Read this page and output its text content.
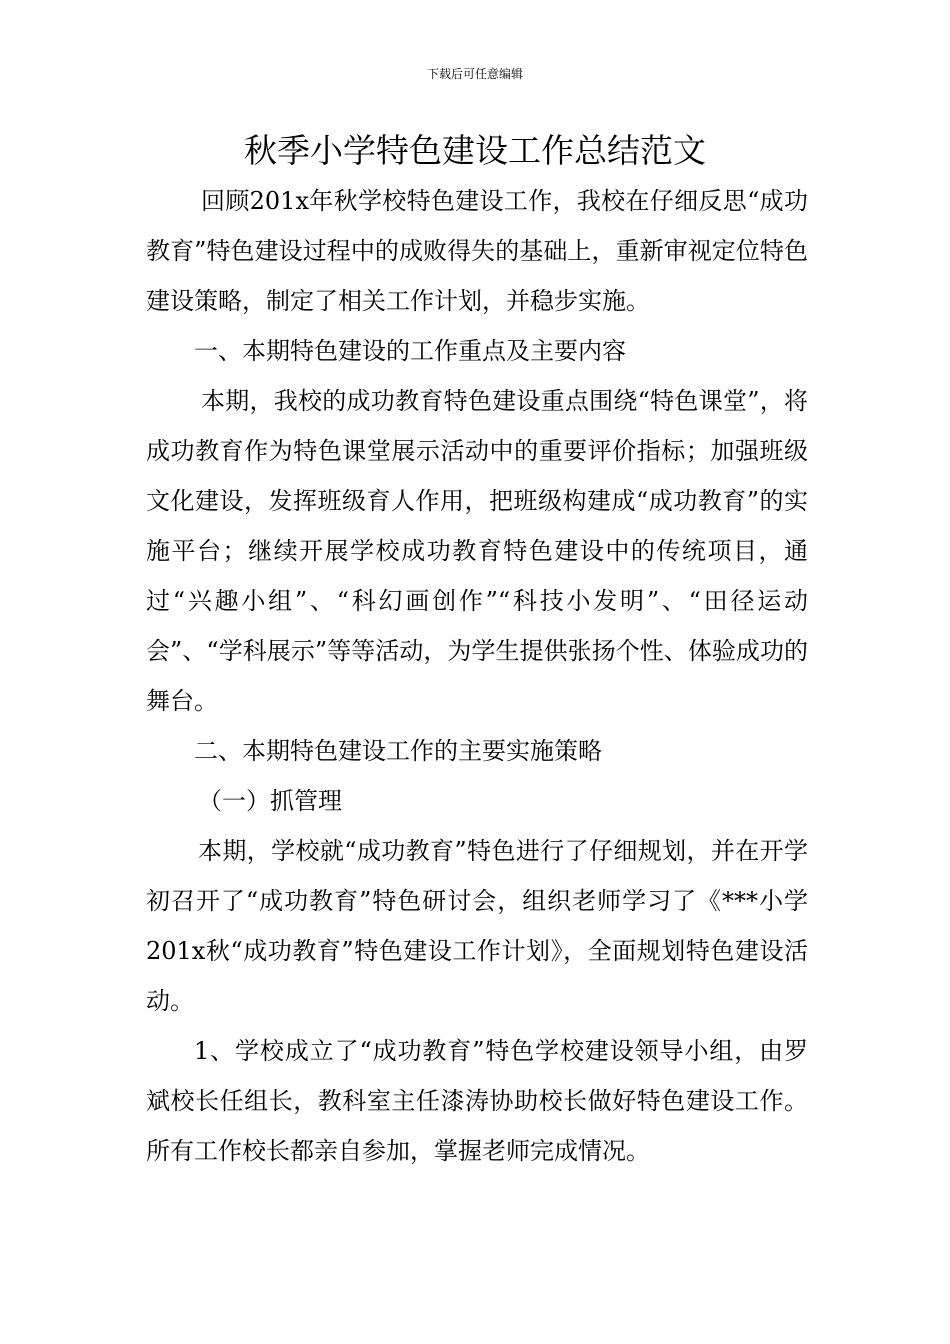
下载后可任意编辑
秋季小学特色建设工作总结范文

回顾201x年秋学校特色建设工作，我校在仔细反思“成功教育”特色建设过程中的成败得失的基础上，重新审视定位特色建设策略，制定了相关工作计划，并稳步实施。

一、本期特色建设的工作重点及主要内容

本期，我校的成功教育特色建设重点围绕“特色课堂”，将成功教育作为特色课堂展示活动中的重要评价指标；加强班级文化建设，发挥班级育人作用，把班级构建成“成功教育”的实施平台；继续开展学校成功教育特色建设中的传统项目，通过“兴趣小组”、“科幻画创作”“科技小发明”、“田径运动会”、“学科展示”等等活动，为学生提供张扬个性、体验成功的舞台。

二、本期特色建设工作的主要实施策略

（一）抓管理

本期，学校就“成功教育”特色进行了仔细规划，并在开学初召开了“成功教育”特色研讨会，组织老师学习了《***小学201x秋“成功教育”特色建设工作计划》，全面规划特色建设活动。

1、学校成立了“成功教育”特色学校建设领导小组，由罗斌校长任组长，教科室主任漆涛协助校长做好特色建设工作。所有工作校长都亲自参加，掌握老师完成情况。
